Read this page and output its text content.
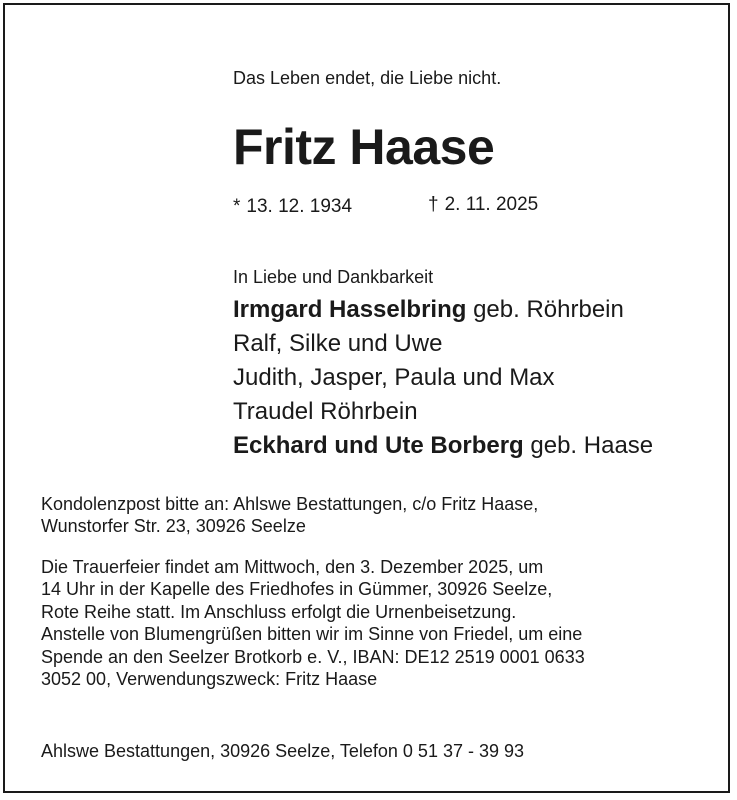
Das Leben endet, die Liebe nicht.
Fritz Haase
* 13. 12. 1934	† 2. 11. 2025
In Liebe und Dankbarkeit
Irmgard Hasselbring geb. Röhrbein
Ralf, Silke und Uwe
Judith, Jasper, Paula und Max
Traudel Röhrbein
Eckhard und Ute Borberg geb. Haase
Kondolenzpost bitte an: Ahlswe Bestattungen, c/o Fritz Haase,
Wunstorfer Str. 23, 30926 Seelze
Die Trauerfeier findet am Mittwoch, den 3. Dezember 2025, um
14 Uhr in der Kapelle des Friedhofes in Gümmer, 30926 Seelze,
Rote Reihe statt. Im Anschluss erfolgt die Urnenbeisetzung.
Anstelle von Blumengrüßen bitten wir im Sinne von Friedel, um eine
Spende an den Seelzer Brotkorb e. V., IBAN: DE12 2519 0001 0633
3052 00, Verwendungszweck: Fritz Haase
Ahlswe Bestattungen, 30926 Seelze, Telefon 0 51 37 - 39 93
